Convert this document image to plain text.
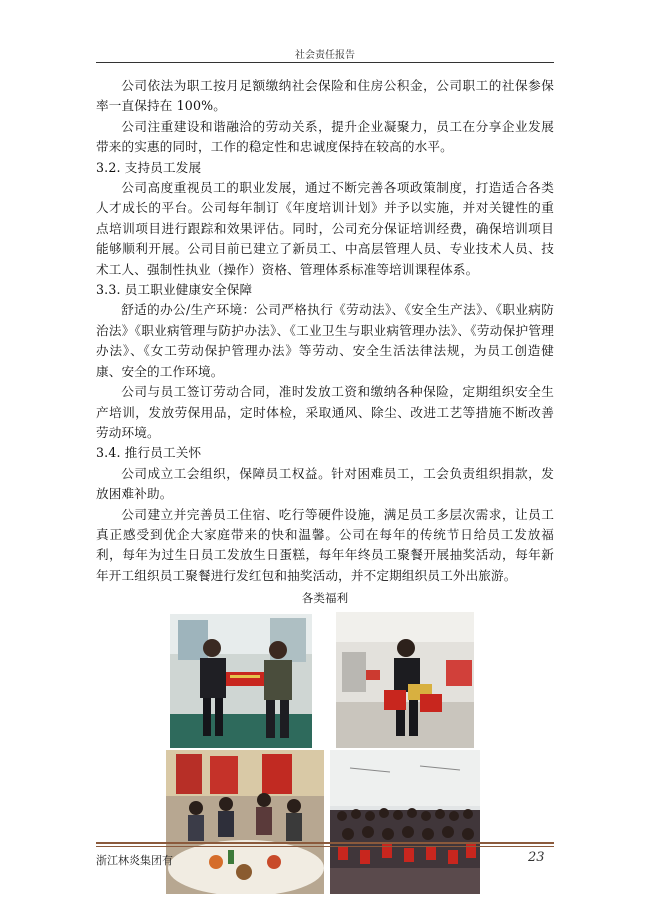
社会责任报告

公司依法为职工按月足额缴纳社会保险和住房公积金，公司职工的社保参保率一直保持在 100%。

公司注重建设和谐融洽的劳动关系，提升企业凝聚力，员工在分享企业发展带来的实惠的同时，工作的稳定性和忠诚度保持在较高的水平。

3.2. 支持员工发展

公司高度重视员工的职业发展，通过不断完善各项政策制度，打造适合各类人才成长的平台。公司每年制订《年度培训计划》并予以实施，并对关键性的重点培训项目进行跟踪和效果评估。同时，公司充分保证培训经费，确保培训项目能够顺利开展。公司目前已建立了新员工、中高层管理人员、专业技术人员、技术工人、强制性执业（操作）资格、管理体系标准等培训课程体系。

3.3. 员工职业健康安全保障

舒适的办公/生产环境：公司严格执行《劳动法》、《安全生产法》、《职业病防治法》《职业病管理与防护办法》、《工业卫生与职业病管理办法》、《劳动保护管理办法》、《女工劳动保护管理办法》等劳动、安全生活法律法规，为员工创造健康、安全的工作环境。

公司与员工签订劳动合同，准时发放工资和缴纳各种保险，定期组织安全生产培训，发放劳保用品，定时体检，采取通风、除尘、改进工艺等措施不断改善劳动环境。

3.4. 推行员工关怀

公司成立工会组织，保障员工权益。针对困难员工，工会负责组织捐款，发放困难补助。

公司建立并完善员工住宿、吃行等硬件设施，满足员工多层次需求，让员工真正感受到优企大家庭带来的快和温馨。公司在每年的传统节日给员工发放福利，每年为过生日员工发放生日蛋糕，每年年终员工聚餐开展抽奖活动，每年新年开工组织员工聚餐进行发红包和抽奖活动，并不定期组织员工外出旅游。

各类福利
浙江林炎集团有	23
